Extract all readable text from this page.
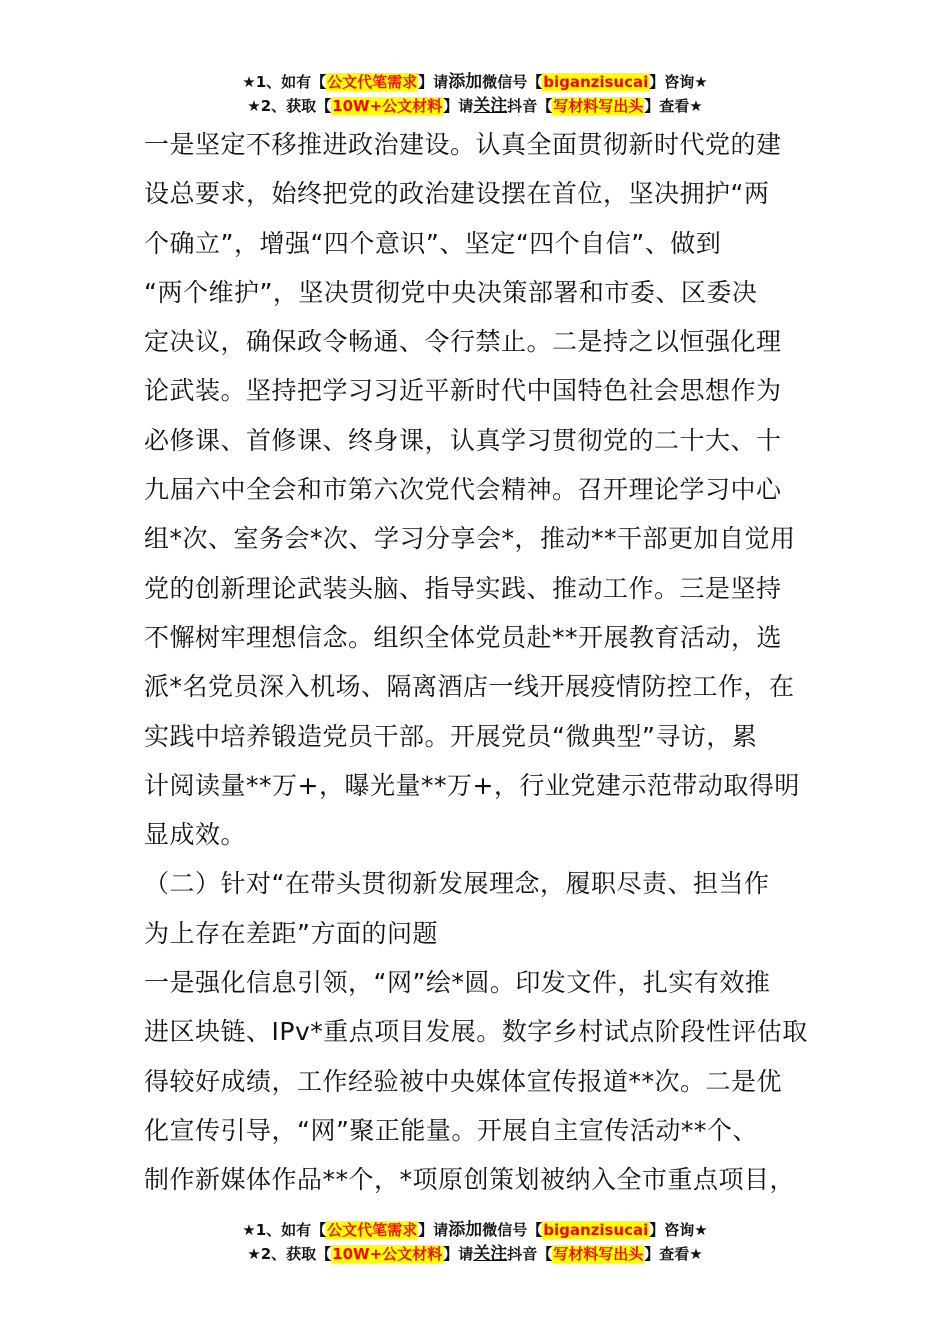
★1、如有【公文代笔需求】请添加微信号【biganzisucai】咨询★
★2、获取【10W+公文材料】请关注抖音【写材料写出头】查看★
一是坚定不移推进政治建设。认真全面贯彻新时代党的建
设总要求，始终把党的政治建设摆在首位，坚决拥护“两
个确立”，增强“四个意识”、坚定“四个自信”、做到
“两个维护”，坚决贯彻党中央决策部署和市委、区委决
定决议，确保政令畅通、令行禁止。二是持之以恒强化理
论武装。坚持把学习习近平新时代中国特色社会思想作为
必修课、首修课、终身课，认真学习贯彻党的二十大、十
九届六中全会和市第六次党代会精神。召开理论学习中心
组*次、室务会*次、学习分享会*，推动**干部更加自觉用
党的创新理论武装头脑、指导实践、推动工作。三是坚持
不懈树牢理想信念。组织全体党员赴**开展教育活动，选
派*名党员深入机场、隔离酒店一线开展疫情防控工作，在
实践中培养锻造党员干部。开展党员“微典型”寻访，累
计阅读量**万+，曝光量**万+，行业党建示范带动取得明
显成效。
（二）针对“在带头贯彻新发展理念，履职尽责、担当作
为上存在差距”方面的问题
一是强化信息引领，“网”绘*圆。印发文件，扎实有效推
进区块链、IPv*重点项目发展。数字乡村试点阶段性评估取
得较好成绩，工作经验被中央媒体宣传报道**次。二是优
化宣传引导，“网”聚正能量。开展自主宣传活动**个、
制作新媒体作品**个，*项原创策划被纳入全市重点项目，
★1、如有【公文代笔需求】请添加微信号【biganzisucai】咨询★
★2、获取【10W+公文材料】请关注抖音【写材料写出头】查看★
